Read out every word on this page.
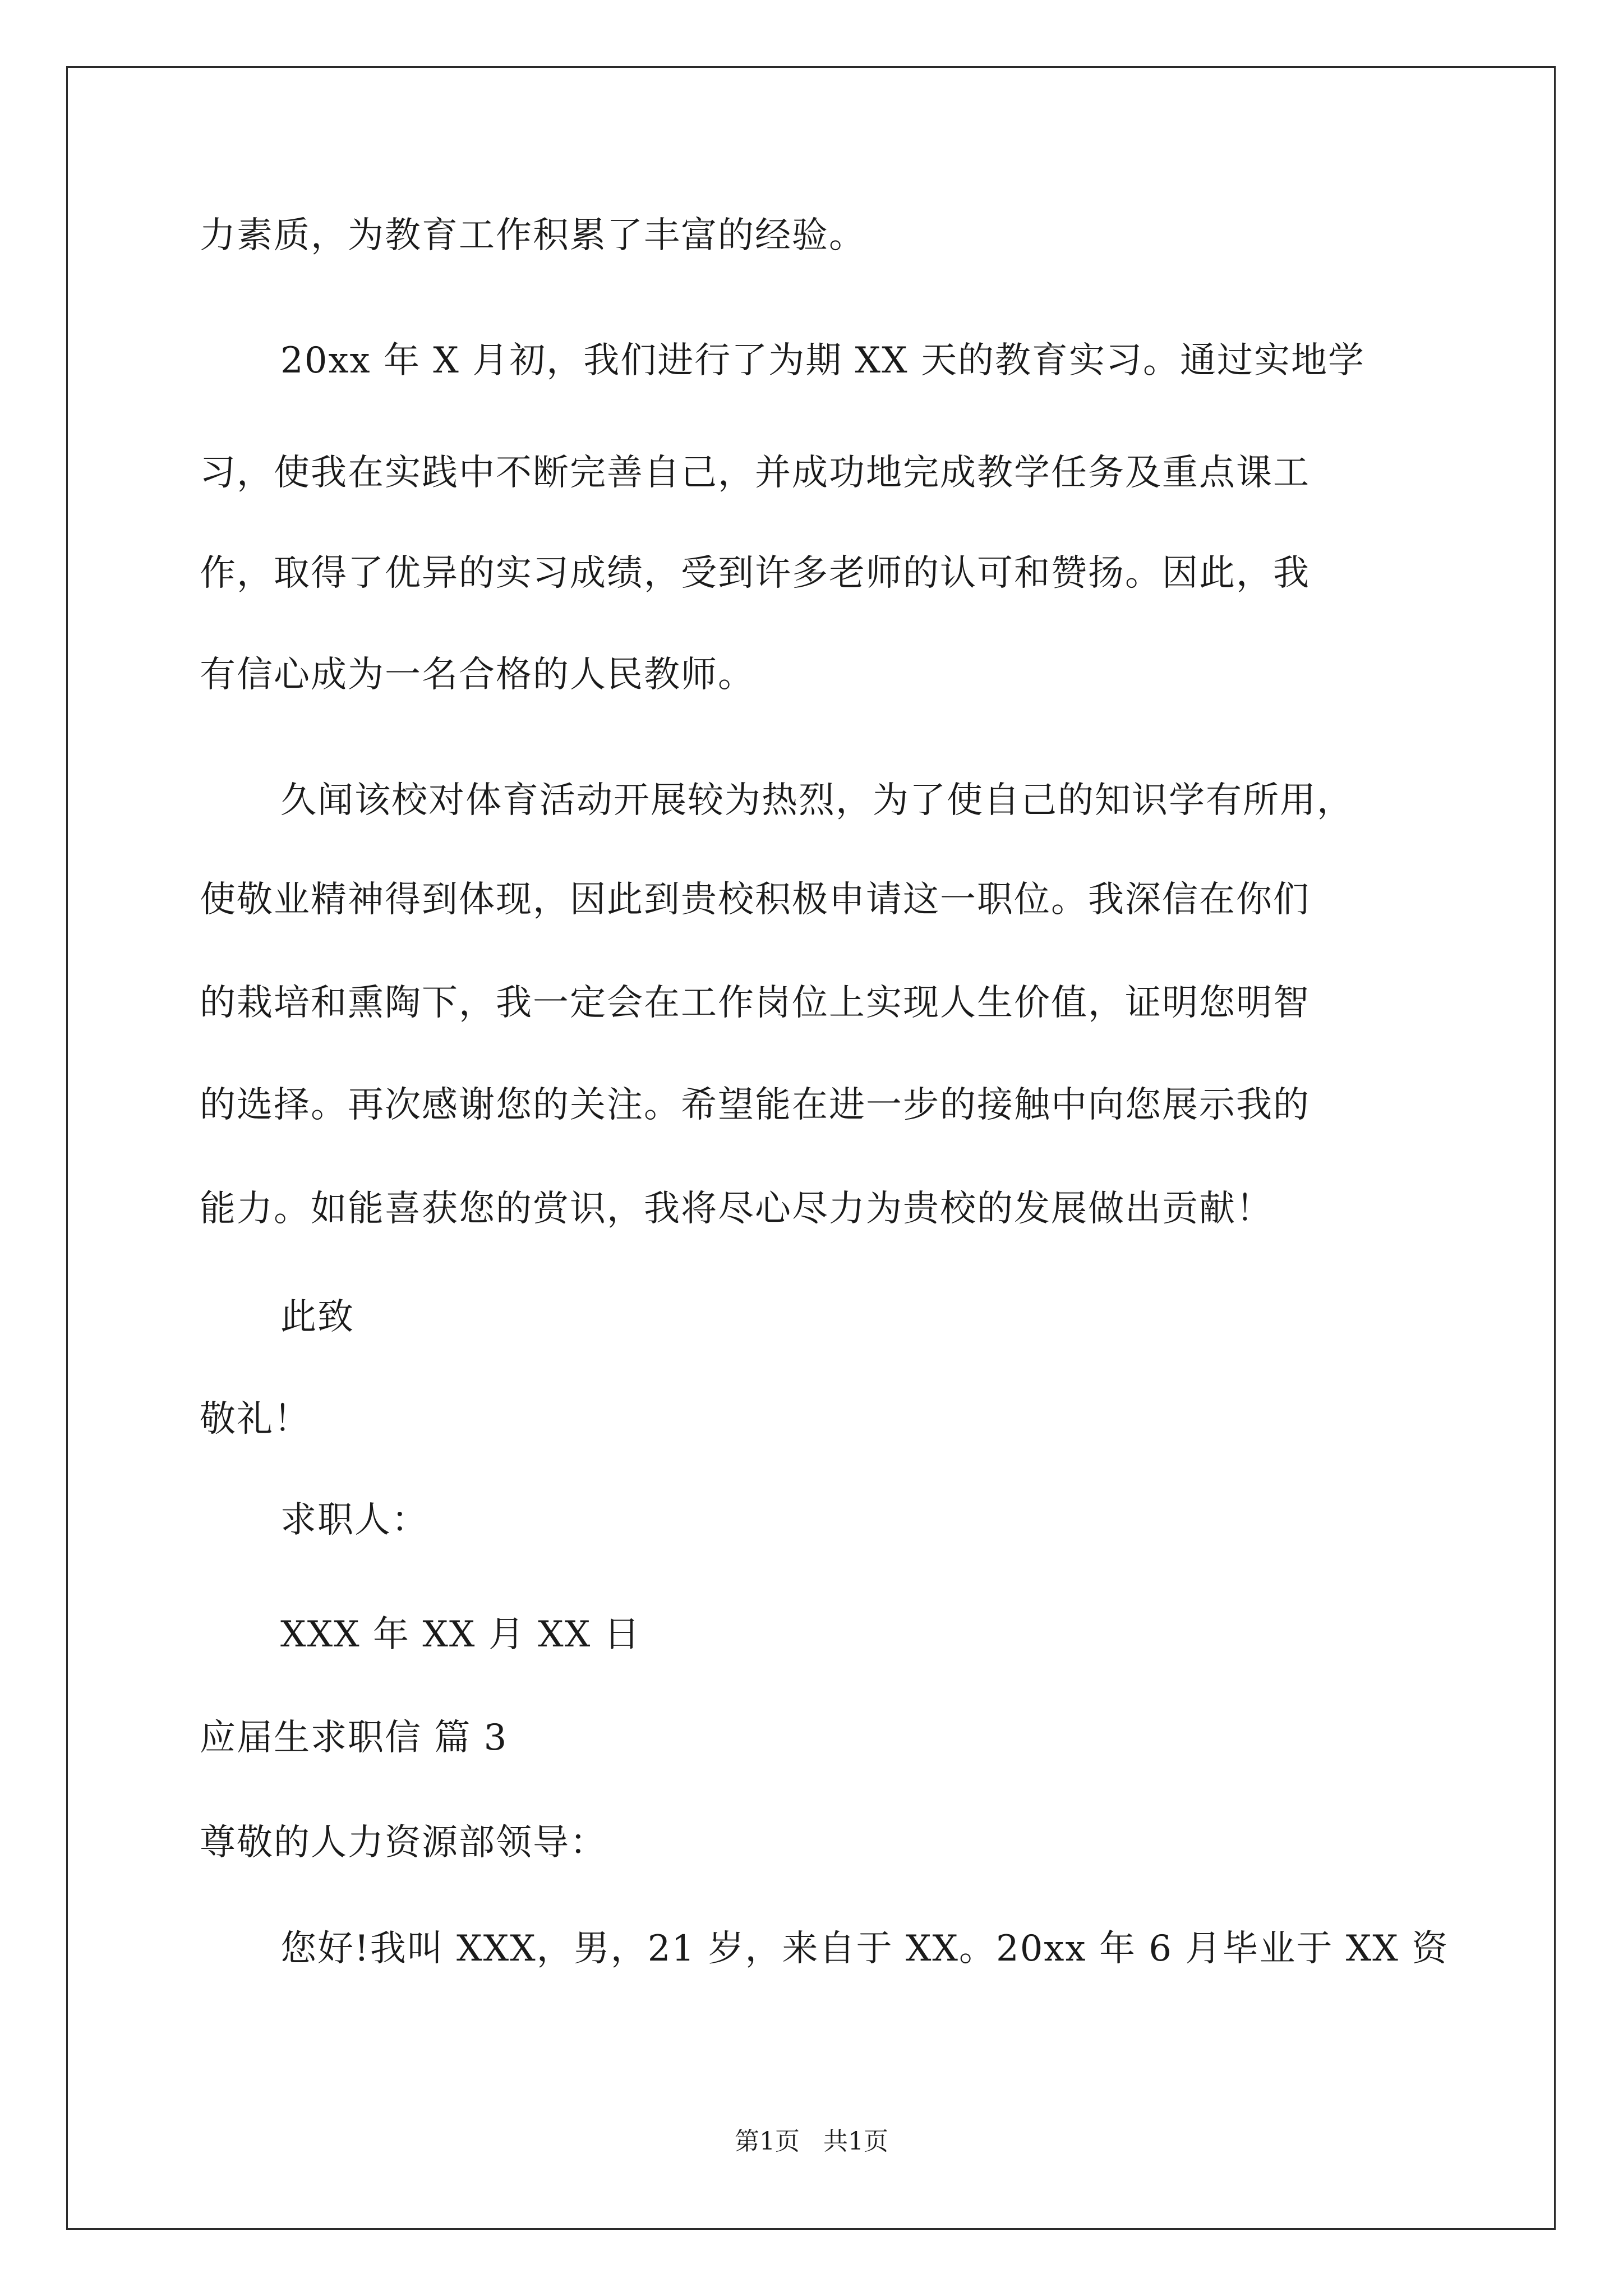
力素质，为教育工作积累了丰富的经验。
20xx 年 X 月初，我们进行了为期 XX 天的教育实习。通过实地学
习，使我在实践中不断完善自己，并成功地完成教学任务及重点课工
作，取得了优异的实习成绩，受到许多老师的认可和赞扬。因此，我
有信心成为一名合格的人民教师。
久闻该校对体育活动开展较为热烈，为了使自己的知识学有所用，
使敬业精神得到体现，因此到贵校积极申请这一职位。我深信在你们
的栽培和熏陶下，我一定会在工作岗位上实现人生价值，证明您明智
的选择。再次感谢您的关注。希望能在进一步的接触中向您展示我的
能力。如能喜获您的赏识，我将尽心尽力为贵校的发展做出贡献！
此致
敬礼！
求职人：
XXX 年 XX 月 XX 日
应届生求职信 篇 3
尊敬的人力资源部领导：
您好!我叫 XXX，男，21 岁，来自于 XX。20xx 年 6 月毕业于 XX 资
第1页   共1页
